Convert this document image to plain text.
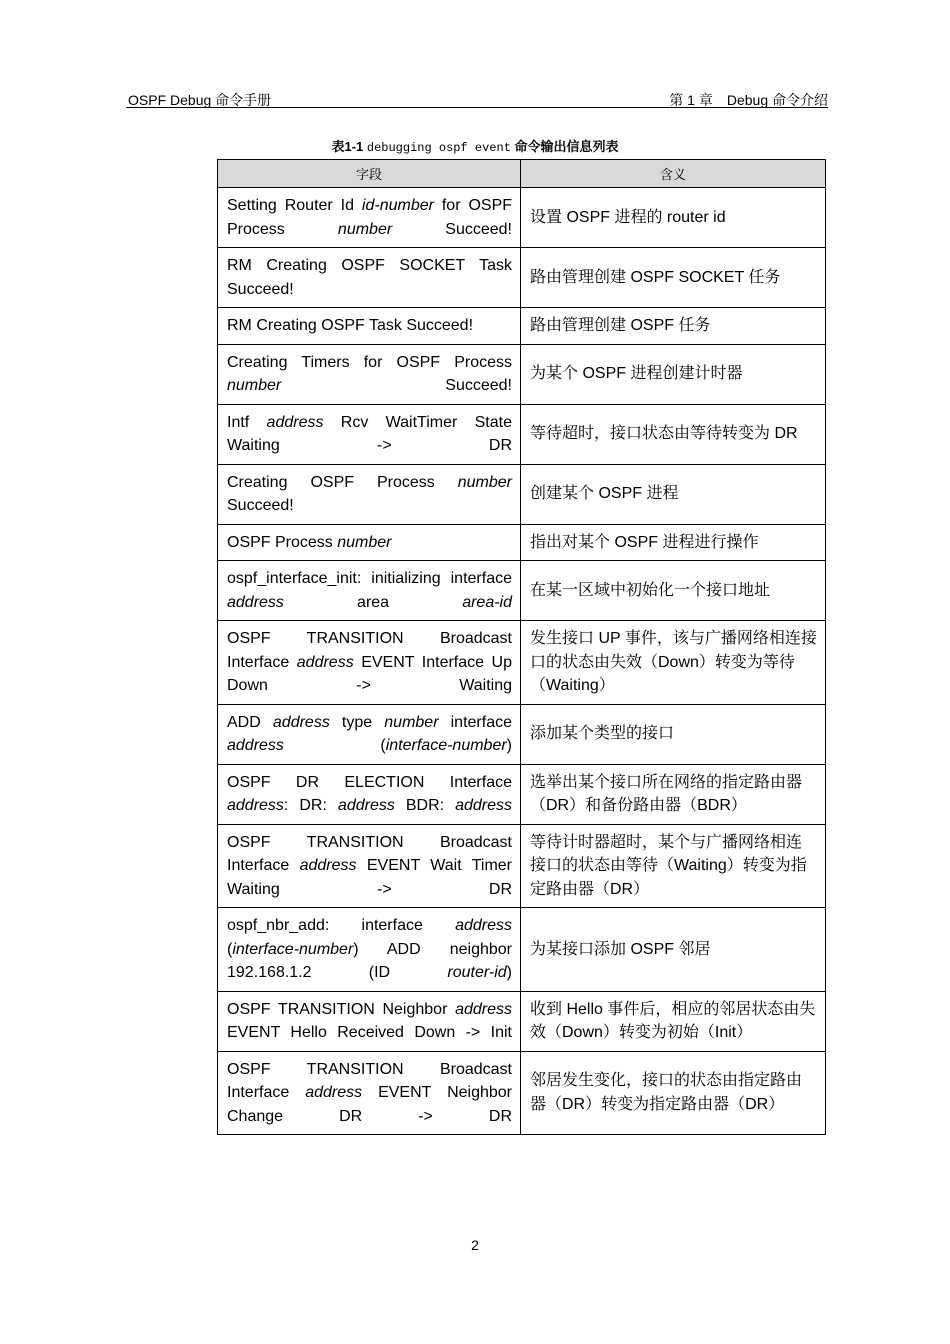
OSPF Debug 命令手册	第 1 章　Debug 命令介绍
表1-1 debugging ospf event 命令输出信息列表
字段	含义
Setting Router Id id-number for OSPF Process number Succeed!	设置 OSPF 进程的 router id
RM Creating OSPF SOCKET Task Succeed!	路由管理创建 OSPF SOCKET 任务
RM Creating OSPF Task Succeed!	路由管理创建 OSPF 任务
Creating Timers for OSPF Process number Succeed!	为某个 OSPF 进程创建计时器
Intf address Rcv WaitTimer State Waiting -> DR	等待超时，接口状态由等待转变为 DR
Creating OSPF Process number Succeed!	创建某个 OSPF 进程
OSPF Process number	指出对某个 OSPF 进程进行操作
ospf_interface_init: initializing interface address area area-id	在某一区域中初始化一个接口地址
OSPF TRANSITION Broadcast Interface address EVENT Interface Up Down -> Waiting	发生接口 UP 事件，该与广播网络相连接口的状态由失效（Down）转变为等待（Waiting）
ADD address type number interface address (interface-number)	添加某个类型的接口
OSPF DR ELECTION Interface address: DR: address BDR: address	选举出某个接口所在网络的指定路由器（DR）和备份路由器（BDR）
OSPF TRANSITION Broadcast Interface address EVENT Wait Timer Waiting -> DR	等待计时器超时，某个与广播网络相连接口的状态由等待（Waiting）转变为指定路由器（DR）
ospf_nbr_add: interface address (interface-number) ADD neighbor 192.168.1.2 (ID router-id)	为某接口添加 OSPF 邻居
OSPF TRANSITION Neighbor address EVENT Hello Received Down -> Init	收到 Hello 事件后，相应的邻居状态由失效（Down）转变为初始（Init）
OSPF TRANSITION Broadcast Interface address EVENT Neighbor Change DR -> DR	邻居发生变化，接口的状态由指定路由器（DR）转变为指定路由器（DR）
2
